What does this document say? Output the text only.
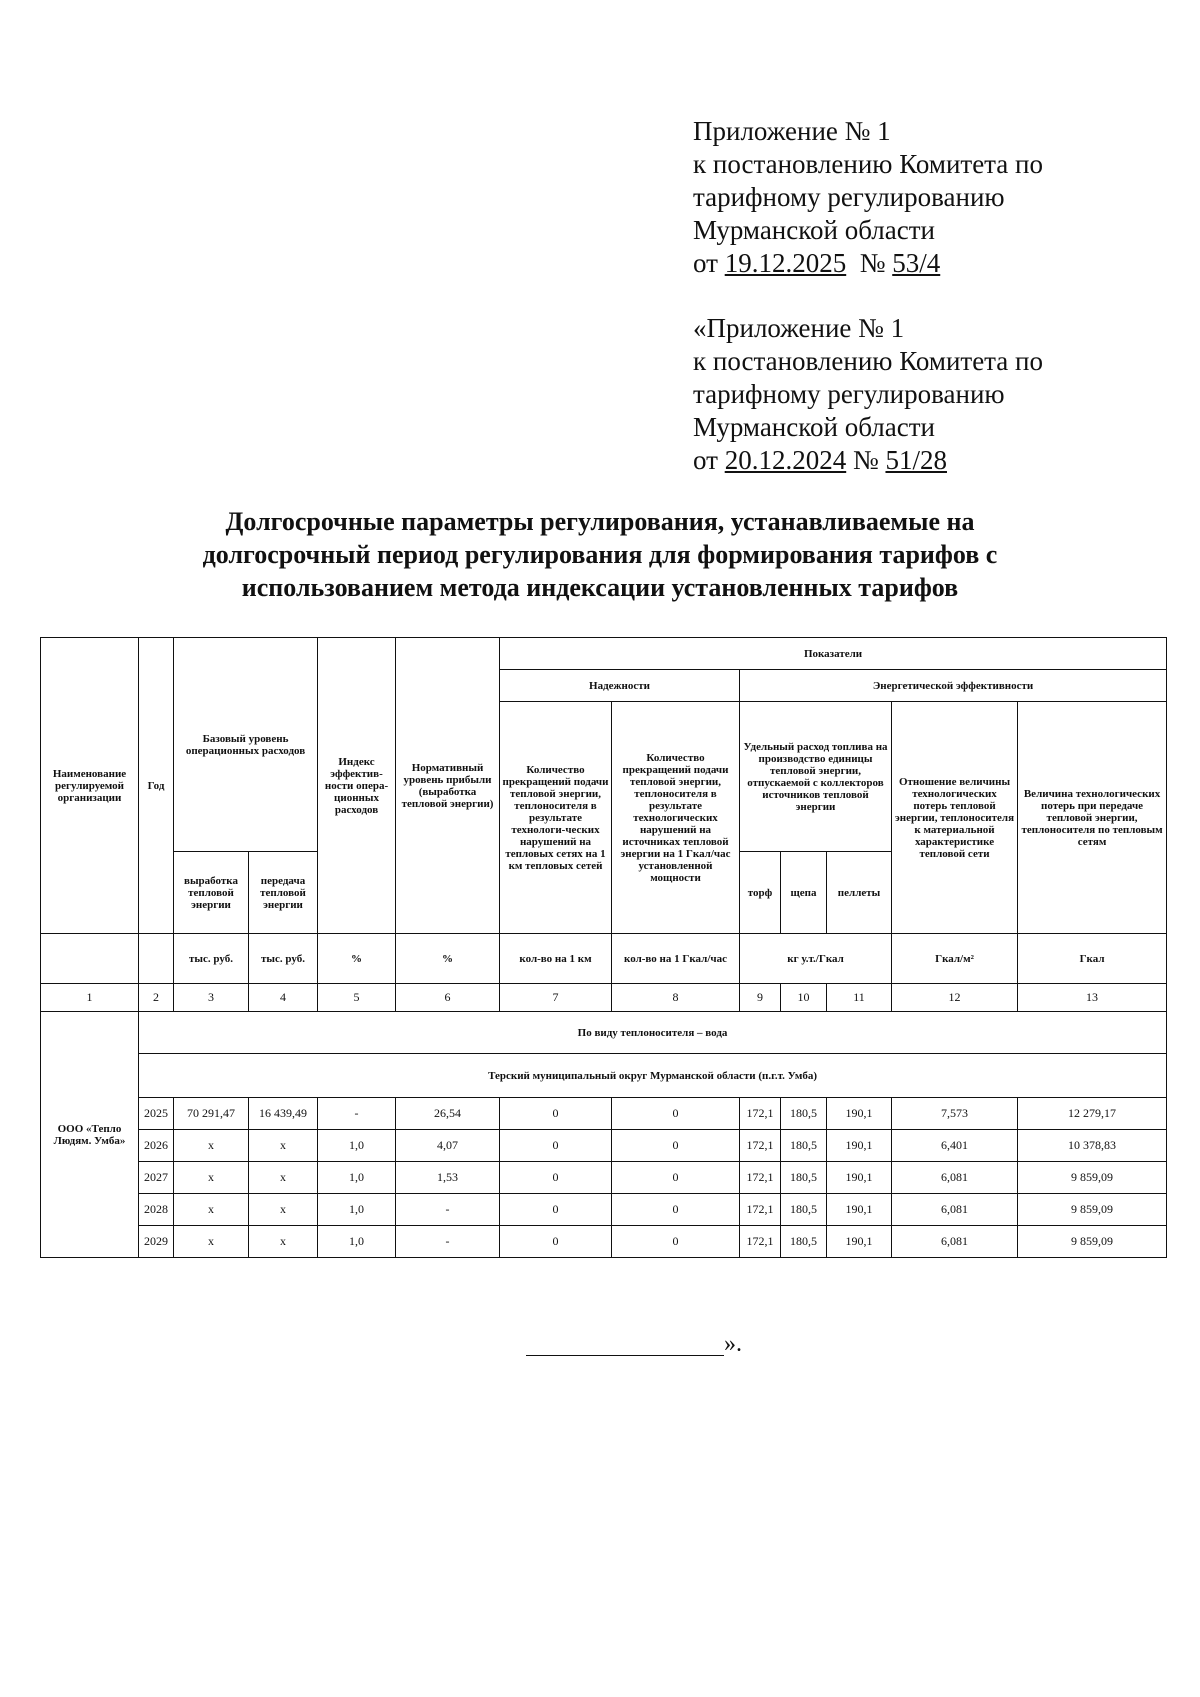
Приложение № 1
к постановлению Комитета по
тарифному регулированию
Мурманской области
от 19.12.2025 № 53/4
«Приложение № 1
к постановлению Комитета по
тарифному регулированию
Мурманской области
от 20.12.2024 № 51/28
Долгосрочные параметры регулирования, устанавливаемые на
долгосрочный период регулирования для формирования тарифов с
использованием метода индексации установленных тарифов
Наименование регулируемой организации	Год	Базовый уровень операционных расходов		Индекс эффектив-ности опера-ционных расходов	Нормативный уровень прибыли (выработка тепловой энергии)	Показатели						
						Надежности		Энергетической эффективности				
						Количество прекращений подачи тепловой энергии, теплоносителя в результате технологи-ческих нарушений на тепловых сетях на 1 км тепловых сетей	Количество прекращений подачи тепловой энергии, теплоносителя в результате технологических нарушений на источниках тепловой энергии на 1 Гкал/час установленной мощности	Удельный расход топлива на производство единицы тепловой энергии, отпускаемой с коллекторов источников тепловой энергии			Отношение величины технологических потерь тепловой энергии, теплоносителя к материальной характеристике тепловой сети	Величина технологических потерь при передаче тепловой энергии, теплоносителя по тепловым сетям
		выработка тепловой энергии	передача тепловой энергии					торф	щепа	пеллеты		
		тыс. руб.	тыс. руб.	%	%	кол-во на 1 км	кол-во на 1 Гкал/час	кг у.т./Гкал			Гкал/м²	Гкал
1	2	3	4	5	6	7	8	9	10	11	12	13
ООО «Тепло Людям. Умба»	По виду теплоносителя – вода											
	Терский муниципальный округ Мурманской области (п.г.т. Умба)											
	2025	70 291,47	16 439,49	-	26,54	0	0	172,1	180,5	190,1	7,573	12 279,17
	2026	x	x	1,0	4,07	0	0	172,1	180,5	190,1	6,401	10 378,83
	2027	x	x	1,0	1,53	0	0	172,1	180,5	190,1	6,081	9 859,09
	2028	x	x	1,0	-	0	0	172,1	180,5	190,1	6,081	9 859,09
	2029	x	x	1,0	-	0	0	172,1	180,5	190,1	6,081	9 859,09
».
